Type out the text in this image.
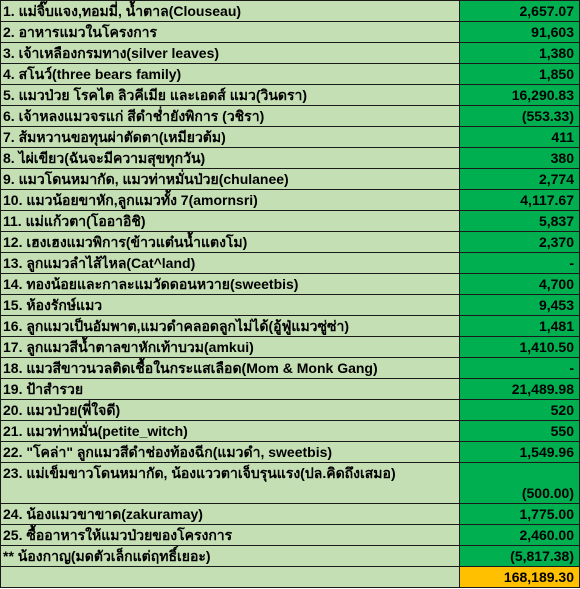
1. แม่จิ๊บแจง,ทอมมี่, น้ำตาล(Clouseau)	2,657.07
2. อาหารแมวในโครงการ	91,603
3. เจ้าเหลืองกรมทาง(silver leaves)	1,380
4. สโนว์(three bears family)	1,850
5. แมวป่วย โรคไต ลิวคีเมีย และเอดส์ แมว(วินดรา)	16,290.83
6. เจ้าหลงแมวจรแก่ สีดำช่ำยังพิการ (วชิรา)	(553.33)
7. ส้มหวานขอทุนผ่าตัดตา(เหมียวต้ม)	411
8. ไผ่เขียว(ฉันจะมีความสุขทุกวัน)	380
9. แมวโดนหมากัด, แมวท่าหมั่นป่วย(chulanee)	2,774
10. แมวน้อยขาหัก,ลูกแมวทั้ง 7(amornsri)	4,117.67
11. แม่แก้วตา(โออาอิชิ)	5,837
12. เฮงเฮงแมวพิการ(ข้าวแต๋นน้ำแตงโม)	2,370
13. ลูกแมวลำไส้ไหล(Cat^land)	-
14. ทองน้อยและกาละแมวัดดอนหวาย(sweetbis)	4,700
15. ห้องรักษ์แมว	9,453
16. ลูกแมวเป็นอัมพาต,แมวดำคลอดลูกไม่ได้(อู้ฟู่แมวซู่ซ่า)	1,481
17. ลูกแมวสีน้ำตาลขาหักเท้าบวม(amkui)	1,410.50
18. แมวสีขาวนวลติดเชื้อในกระแสเลือด(Mom & Monk Gang)	-
19. ป้าสำรวย	21,489.98
20. แมวป่วย(พี่ใจดี)	520
21. แมวท่าหมั่น(petite_witch)	550
22. "โคล่า" ลูกแมวสีดำช่องท้องฉีก(แมวดำ, sweetbis)	1,549.96
23. แม่เข็มขาวโดนหมากัด, น้องแววตาเจ็บรุนแรง(ปล.คิดถึงเสมอ)	(500.00)
24. น้องแมวขาขาด(zakuramay)	1,775.00
25. ซื้ออาหารให้แมวป่วยของโครงการ	2,460.00
** น้องกาญ(มดตัวเล็กแต่ฤทธิ์เยอะ)	(5,817.38)
	168,189.30
